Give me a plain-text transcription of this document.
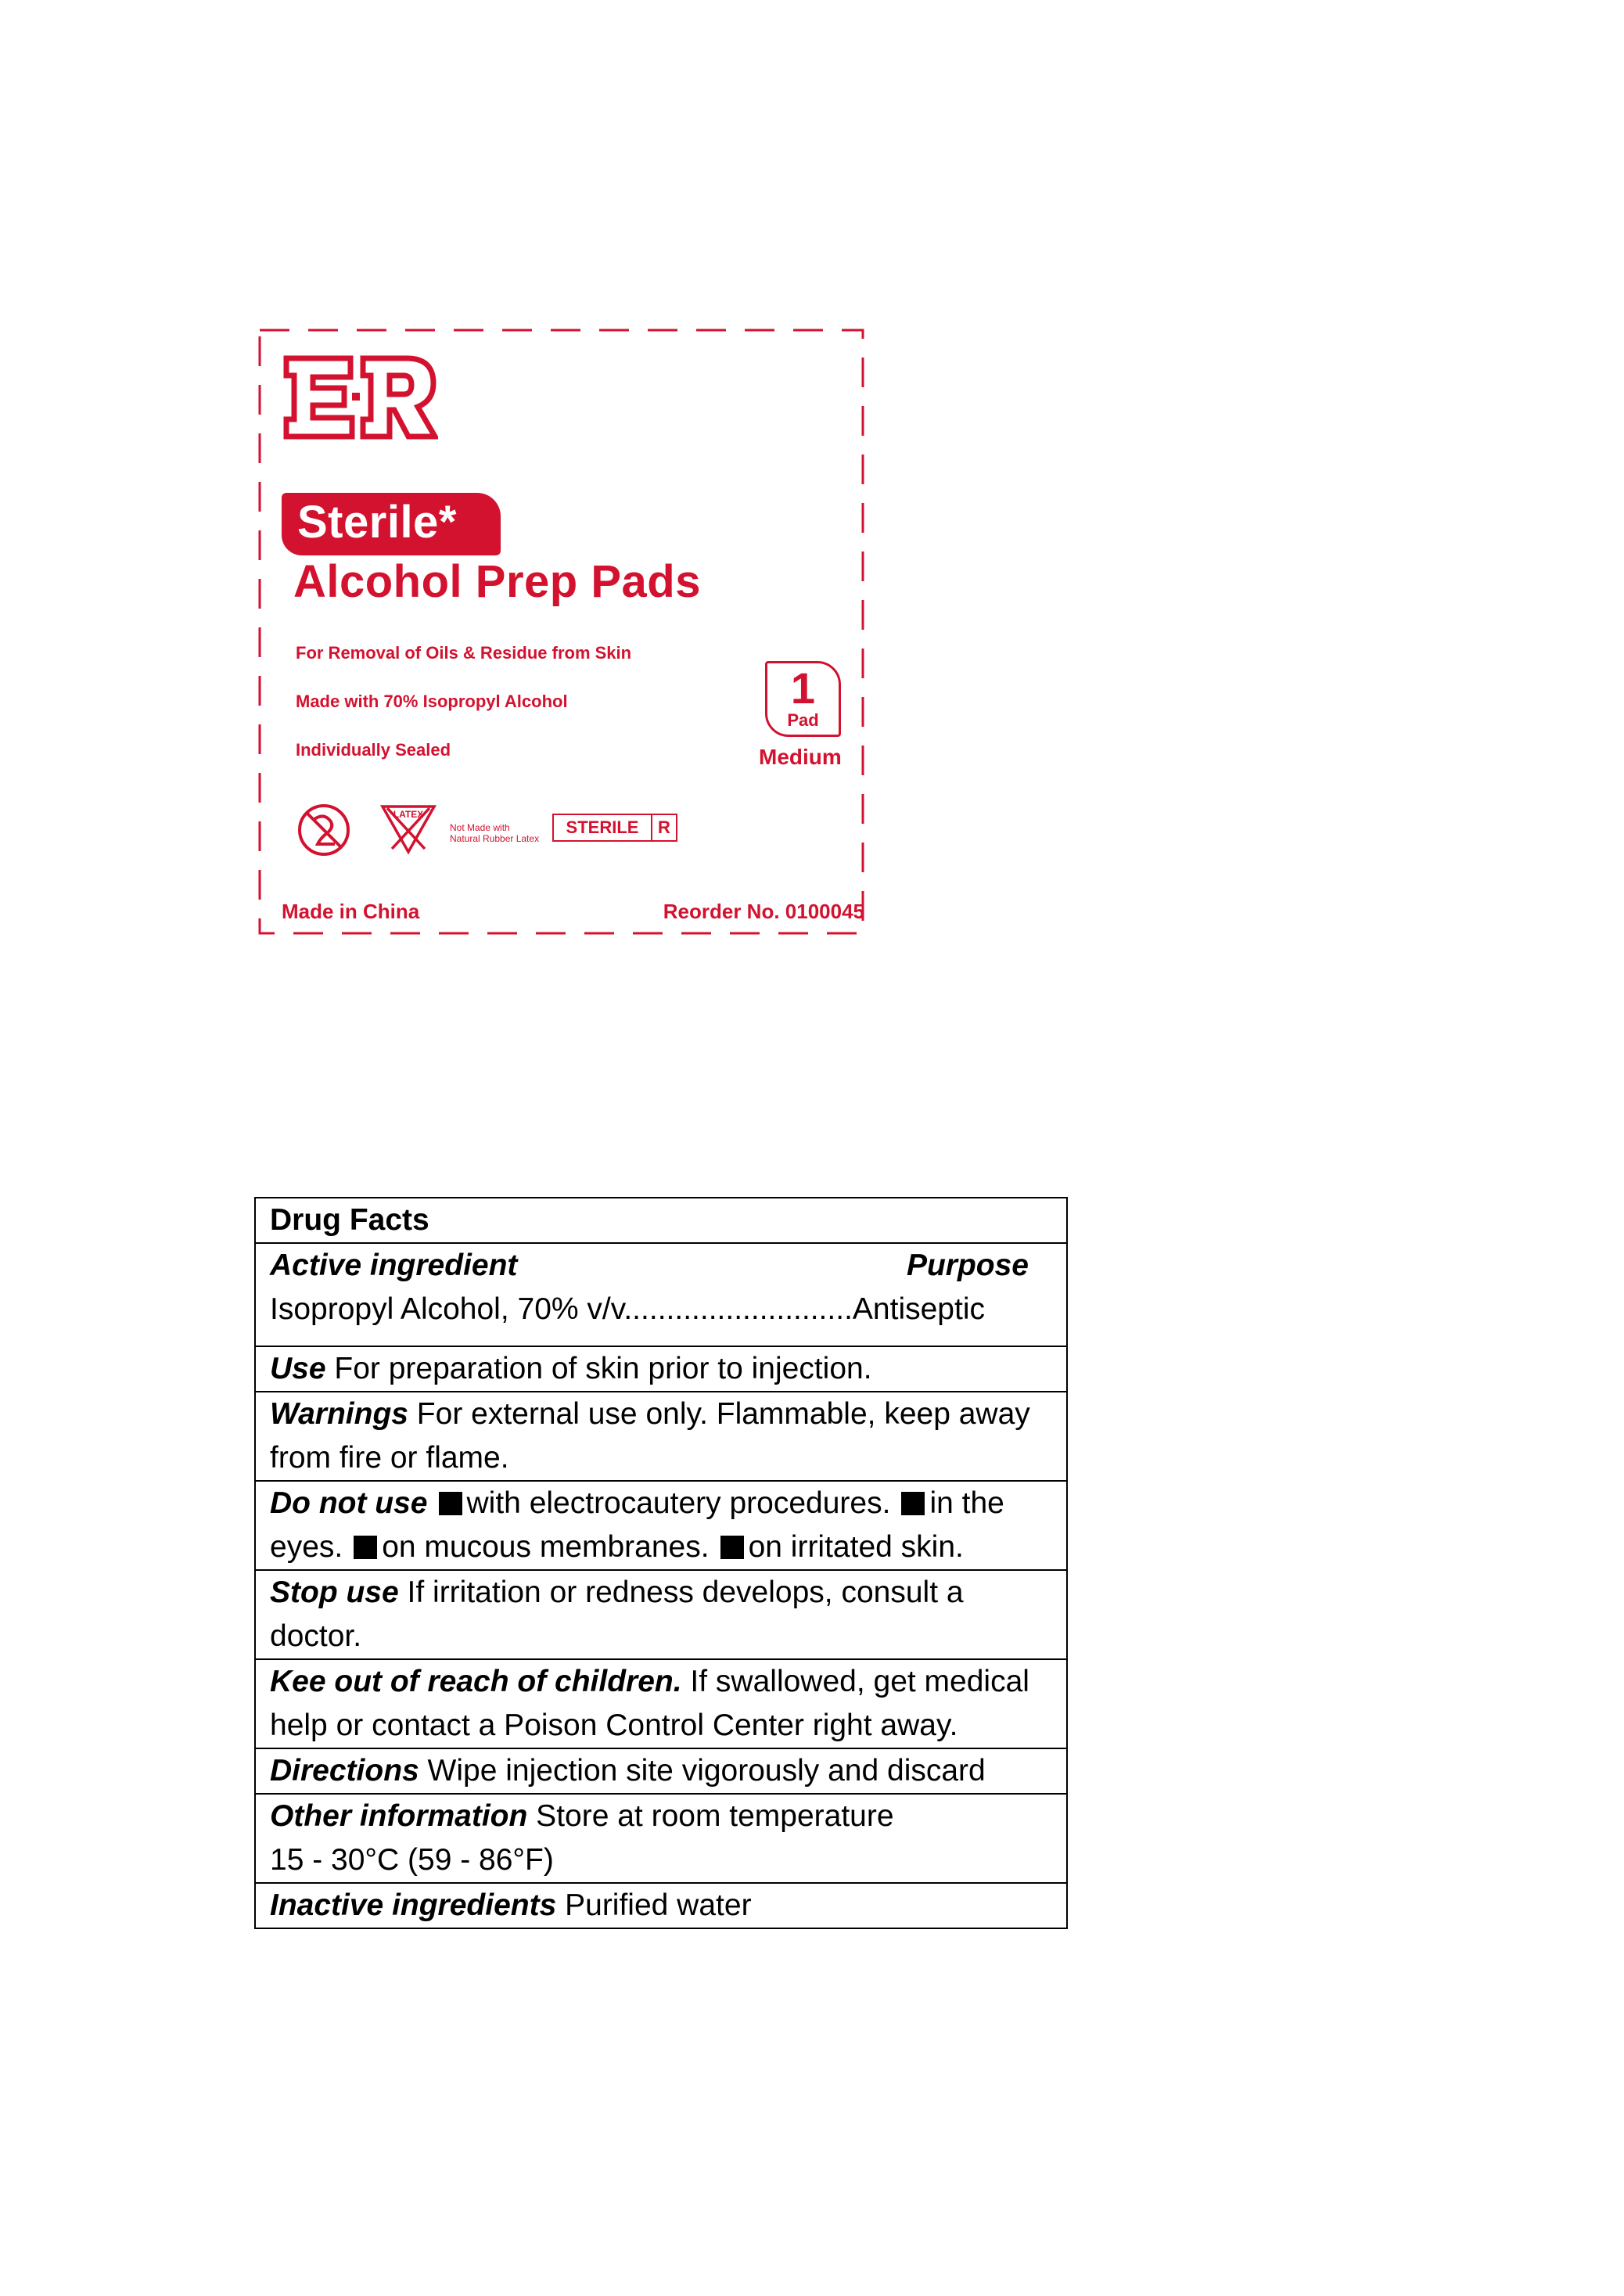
Sterile*
Alcohol Prep Pads
For Removal of Oils & Residue from Skin
Made with 70% Isopropyl Alcohol
Individually Sealed
1
Pad
Medium
LATEX
Not Made with
Natural Rubber Latex
STERILE	R
Made in China	Reorder No. 0100045
Drug Facts
Active ingredient	Purpose
Isopropyl Alcohol, 70% v/v...........................Antiseptic
Use For preparation of skin prior to injection.
Warnings For external use only. Flammable, keep away from fire or flame.
Do not use with electrocautery procedures. in the eyes. on mucous membranes. on irritated skin.
Stop use If irritation or redness develops, consult a doctor.
Kee out of reach of children. If swallowed, get medical help or contact a Poison Control Center right away.
Directions Wipe injection site vigorously and discard
Other information Store at room temperature
15 - 30°C (59 - 86°F)
Inactive ingredients Purified water
